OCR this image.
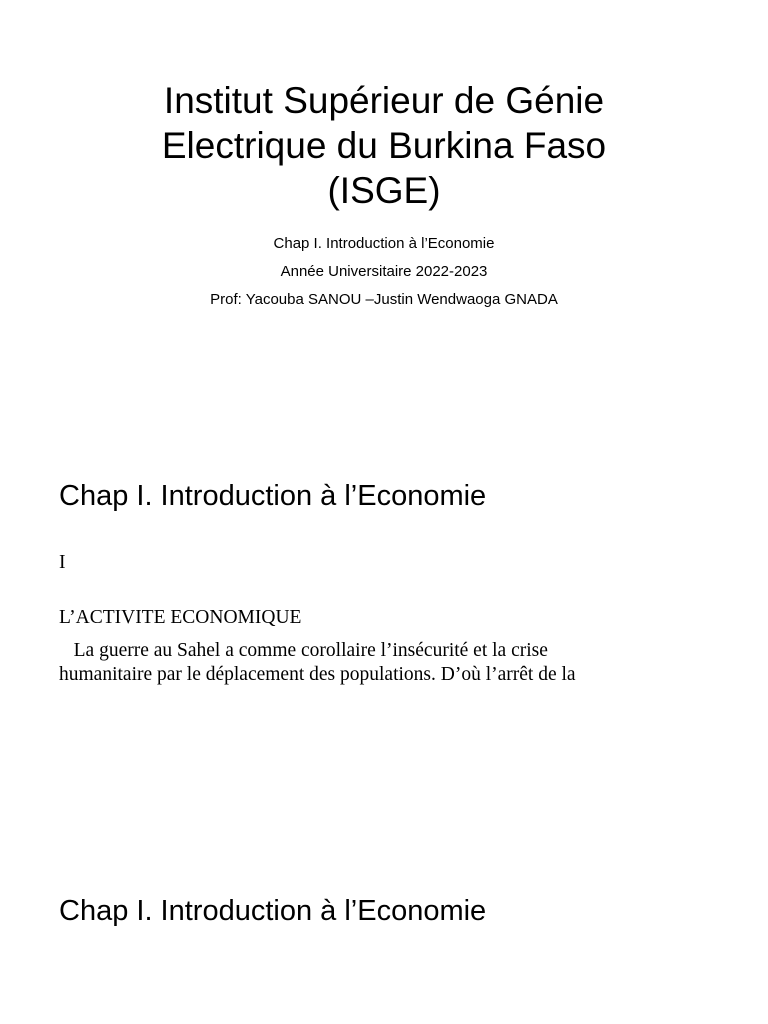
Institut Supérieur de Génie
Electrique du Burkina Faso
(ISGE)
Chap I. Introduction à l’Economie
Année Universitaire 2022-2023
Prof: Yacouba SANOU –Justin Wendwaoga GNADA
Chap I. Introduction à l’Economie
I
L’ACTIVITE ECONOMIQUE
La guerre au Sahel a comme corollaire l’insécurité et la crise
humanitaire par le déplacement des populations. D’où l’arrêt de la
Chap I. Introduction à l’Economie
